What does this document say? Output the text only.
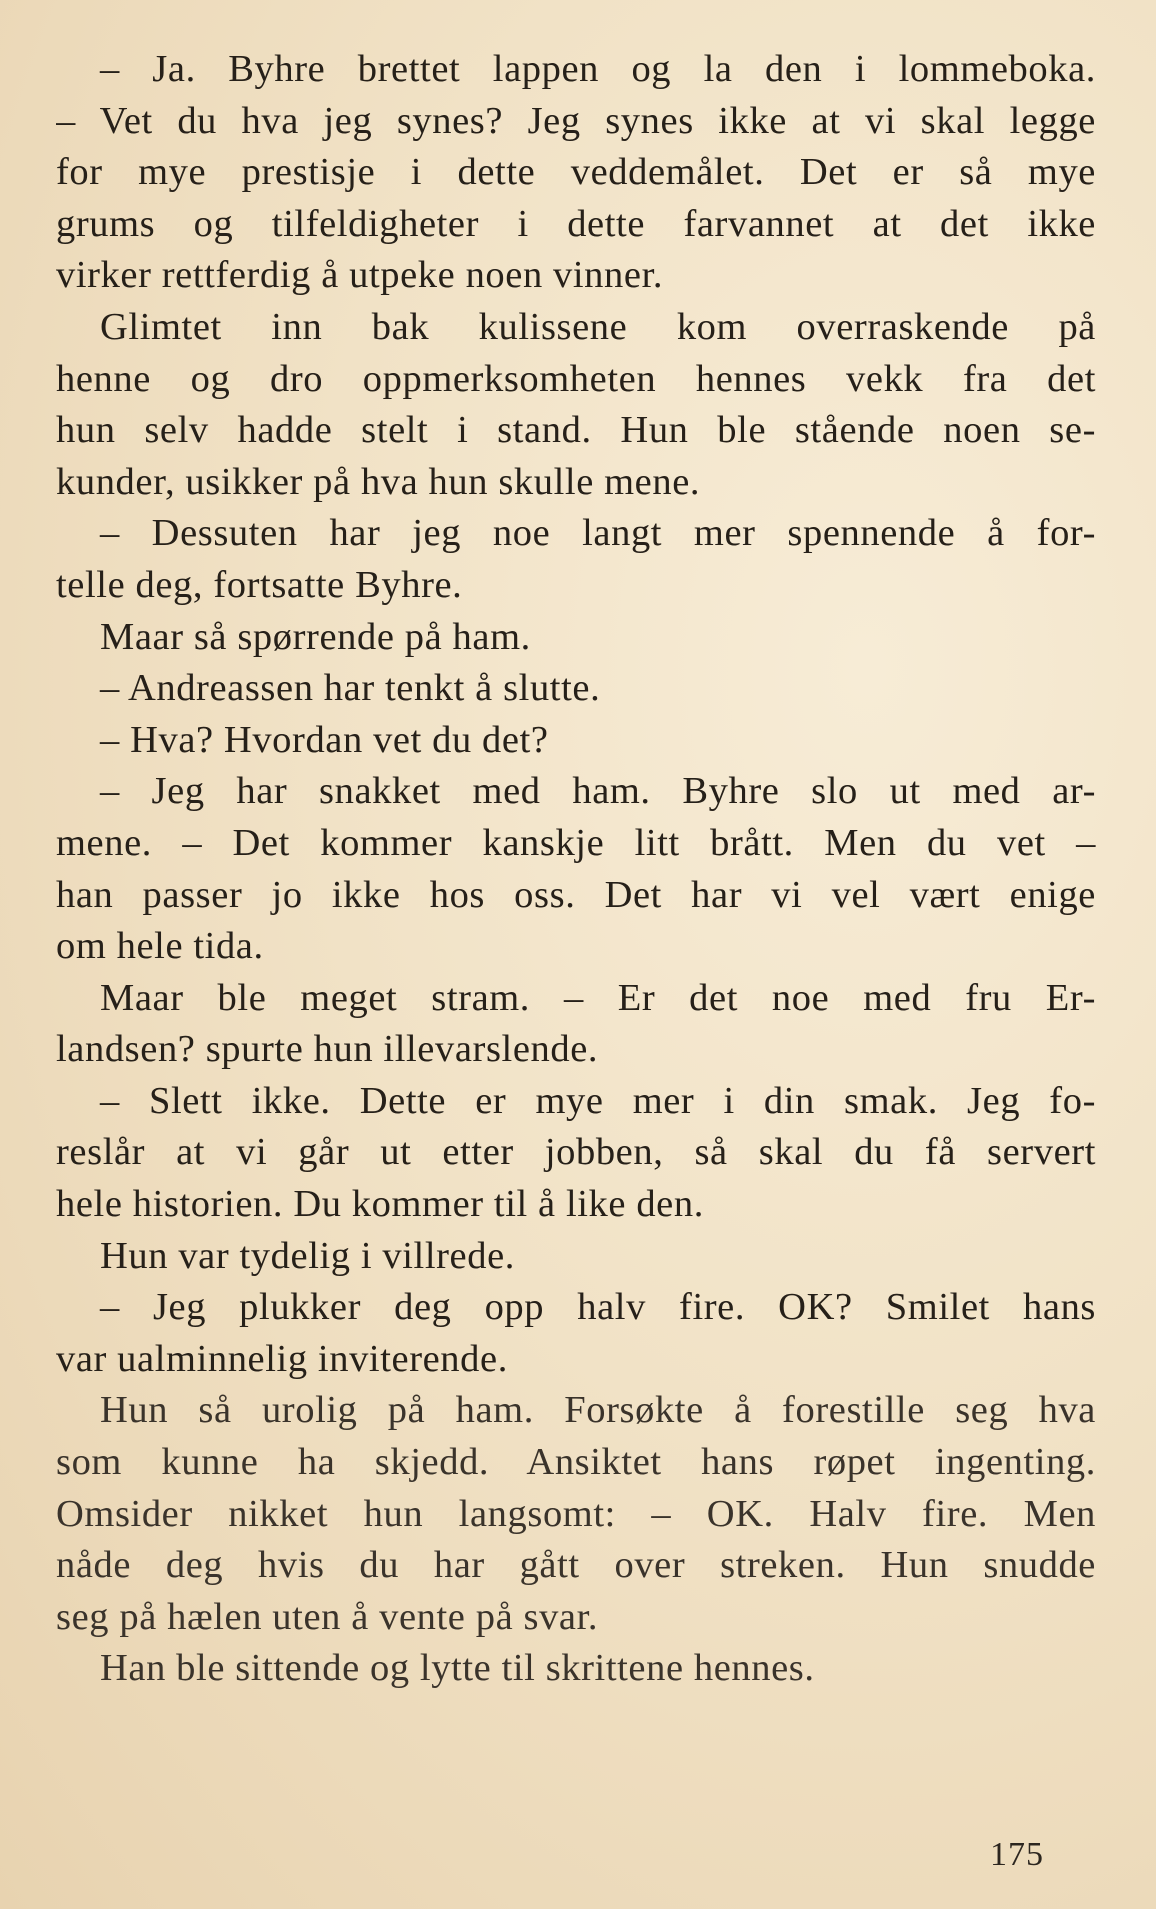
– Ja. Byhre brettet lappen og la den i lommeboka.
– Vet du hva jeg synes? Jeg synes ikke at vi skal legge
for mye prestisje i dette veddemålet. Det er så mye
grums og tilfeldigheter i dette farvannet at det ikke
virker rettferdig å utpeke noen vinner.
Glimtet inn bak kulissene kom overraskende på
henne og dro oppmerksomheten hennes vekk fra det
hun selv hadde stelt i stand. Hun ble stående noen se-
kunder, usikker på hva hun skulle mene.
– Dessuten har jeg noe langt mer spennende å for-
telle deg, fortsatte Byhre.
Maar så spørrende på ham.
– Andreassen har tenkt å slutte.
– Hva? Hvordan vet du det?
– Jeg har snakket med ham. Byhre slo ut med ar-
mene. – Det kommer kanskje litt brått. Men du vet –
han passer jo ikke hos oss. Det har vi vel vært enige
om hele tida.
Maar ble meget stram. – Er det noe med fru Er-
landsen? spurte hun illevarslende.
– Slett ikke. Dette er mye mer i din smak. Jeg fo-
reslår at vi går ut etter jobben, så skal du få servert
hele historien. Du kommer til å like den.
Hun var tydelig i villrede.
– Jeg plukker deg opp halv fire. OK? Smilet hans
var ualminnelig inviterende.
Hun så urolig på ham. Forsøkte å forestille seg hva
som kunne ha skjedd. Ansiktet hans røpet ingenting.
Omsider nikket hun langsomt: – OK. Halv fire. Men
nåde deg hvis du har gått over streken. Hun snudde
seg på hælen uten å vente på svar.
Han ble sittende og lytte til skrittene hennes.
175
